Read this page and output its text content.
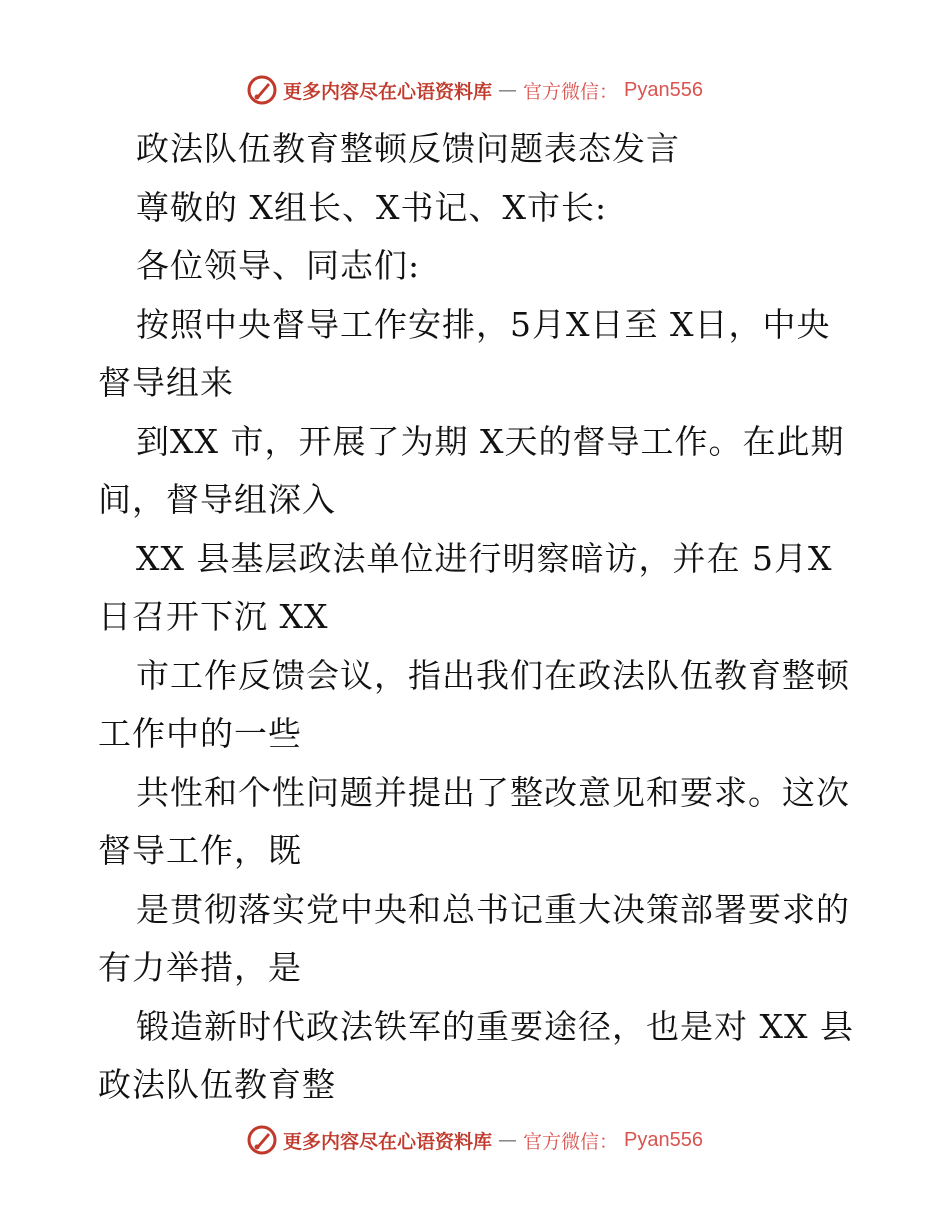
更多内容尽在心语资料库 — 官方微信： Pyan556
政法队伍教育整顿反馈问题表态发言
尊敬的 X组长、X书记、X市长:
各位领导、同志们:
按照中央督导工作安排，5月X日至 X日，中央
督导组来
到XX 市，开展了为期 X天的督导工作。在此期
间，督导组深入
XX 县基层政法单位进行明察暗访，并在 5月X
日召开下沉 XX
市工作反馈会议，指出我们在政法队伍教育整顿
工作中的一些
共性和个性问题并提出了整改意见和要求。这次
督导工作，既
是贯彻落实党中央和总书记重大决策部署要求的
有力举措，是
锻造新时代政法铁军的重要途径，也是对 XX 县
政法队伍教育整
更多内容尽在心语资料库 — 官方微信： Pyan556
